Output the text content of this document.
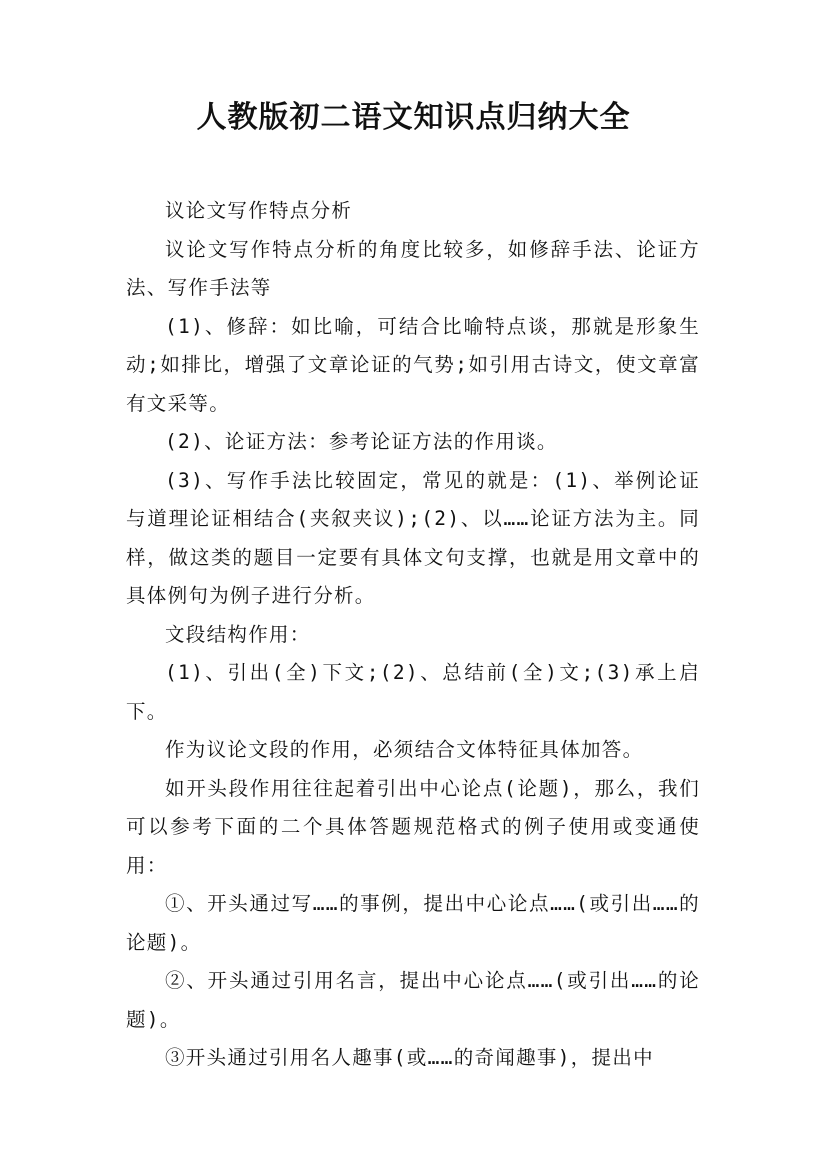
人教版初二语文知识点归纳大全

议论文写作特点分析

议论文写作特点分析的角度比较多，如修辞手法、论证方法、写作手法等

(1)、修辞：如比喻，可结合比喻特点谈，那就是形象生动;如排比，增强了文章论证的气势;如引用古诗文，使文章富有文采等。

(2)、论证方法：参考论证方法的作用谈。

(3)、写作手法比较固定，常见的就是：(1)、举例论证与道理论证相结合(夹叙夹议);(2)、以……论证方法为主。同样，做这类的题目一定要有具体文句支撑，也就是用文章中的具体例句为例子进行分析。

文段结构作用：

(1)、引出(全)下文;(2)、总结前(全)文;(3)承上启下。

作为议论文段的作用，必须结合文体特征具体加答。

如开头段作用往往起着引出中心论点(论题)，那么，我们可以参考下面的二个具体答题规范格式的例子使用或变通使用：

①、开头通过写……的事例，提出中心论点……(或引出……的论题)。

②、开头通过引用名言，提出中心论点……(或引出……的论题)。

③开头通过引用名人趣事(或……的奇闻趣事)，提出中
